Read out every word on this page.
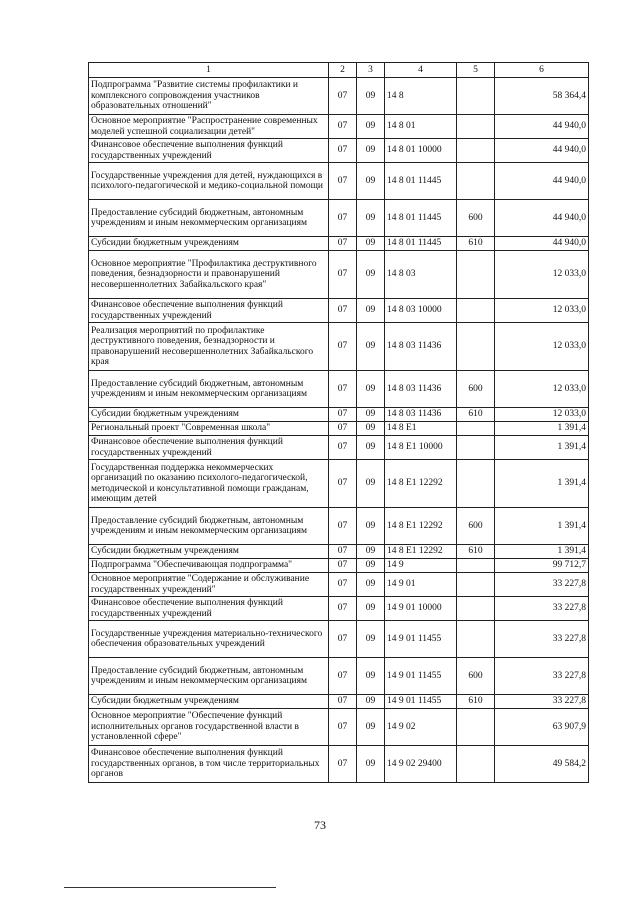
1	2	3	4	5	6
Подпрограмма "Развитие системы профилактики и комплексного сопровождения участников образовательных отношений"	07	09	14 8		58 364,4
Основное мероприятие "Распространение современных моделей успешной социализации детей"	07	09	14 8 01		44 940,0
Финансовое обеспечение выполнения функций государственных учреждений	07	09	14 8 01 10000		44 940,0
Государственные учреждения для детей, нуждающихся в психолого-педагогической и медико-социальной помощи	07	09	14 8 01 11445		44 940,0
Предоставление субсидий бюджетным, автономным учреждениям и иным некоммерческим организациям	07	09	14 8 01 11445	600	44 940,0
Субсидии бюджетным учреждениям	07	09	14 8 01 11445	610	44 940,0
Основное мероприятие "Профилактика деструктивного поведения, безнадзорности и правонарушений несовершеннолетних Забайкальского края"	07	09	14 8 03		12 033,0
Финансовое обеспечение выполнения функций государственных учреждений	07	09	14 8 03 10000		12 033,0
Реализация мероприятий по профилактике деструктивного поведения, безнадзорности и правонарушений несовершеннолетних Забайкальского края	07	09	14 8 03 11436		12 033,0
Предоставление субсидий бюджетным, автономным учреждениям и иным некоммерческим организациям	07	09	14 8 03 11436	600	12 033,0
Субсидии бюджетным учреждениям	07	09	14 8 03 11436	610	12 033,0
Региональный проект "Современная школа"	07	09	14 8 E1		1 391,4
Финансовое обеспечение выполнения функций государственных учреждений	07	09	14 8 E1 10000		1 391,4
Государственная поддержка некоммерческих организаций по оказанию психолого-педагогической, методической и консультативной помощи гражданам, имеющим детей	07	09	14 8 E1 12292		1 391,4
Предоставление субсидий бюджетным, автономным учреждениям и иным некоммерческим организациям	07	09	14 8 E1 12292	600	1 391,4
Субсидии бюджетным учреждениям	07	09	14 8 E1 12292	610	1 391,4
Подпрограмма "Обеспечивающая подпрограмма"	07	09	14 9		99 712,7
Основное мероприятие "Содержание и обслуживание государственных учреждений"	07	09	14 9 01		33 227,8
Финансовое обеспечение выполнения функций государственных учреждений	07	09	14 9 01 10000		33 227,8
Государственные учреждения материально-технического обеспечения образовательных учреждений	07	09	14 9 01 11455		33 227,8
Предоставление субсидий бюджетным, автономным учреждениям и иным некоммерческим организациям	07	09	14 9 01 11455	600	33 227,8
Субсидии бюджетным учреждениям	07	09	14 9 01 11455	610	33 227,8
Основное мероприятие "Обеспечение функций исполнительных органов государственной власти в установленной сфере"	07	09	14 9 02		63 907,9
Финансовое обеспечение выполнения функций государственных органов, в том числе территориальных органов	07	09	14 9 02 29400		49 584,2
73
